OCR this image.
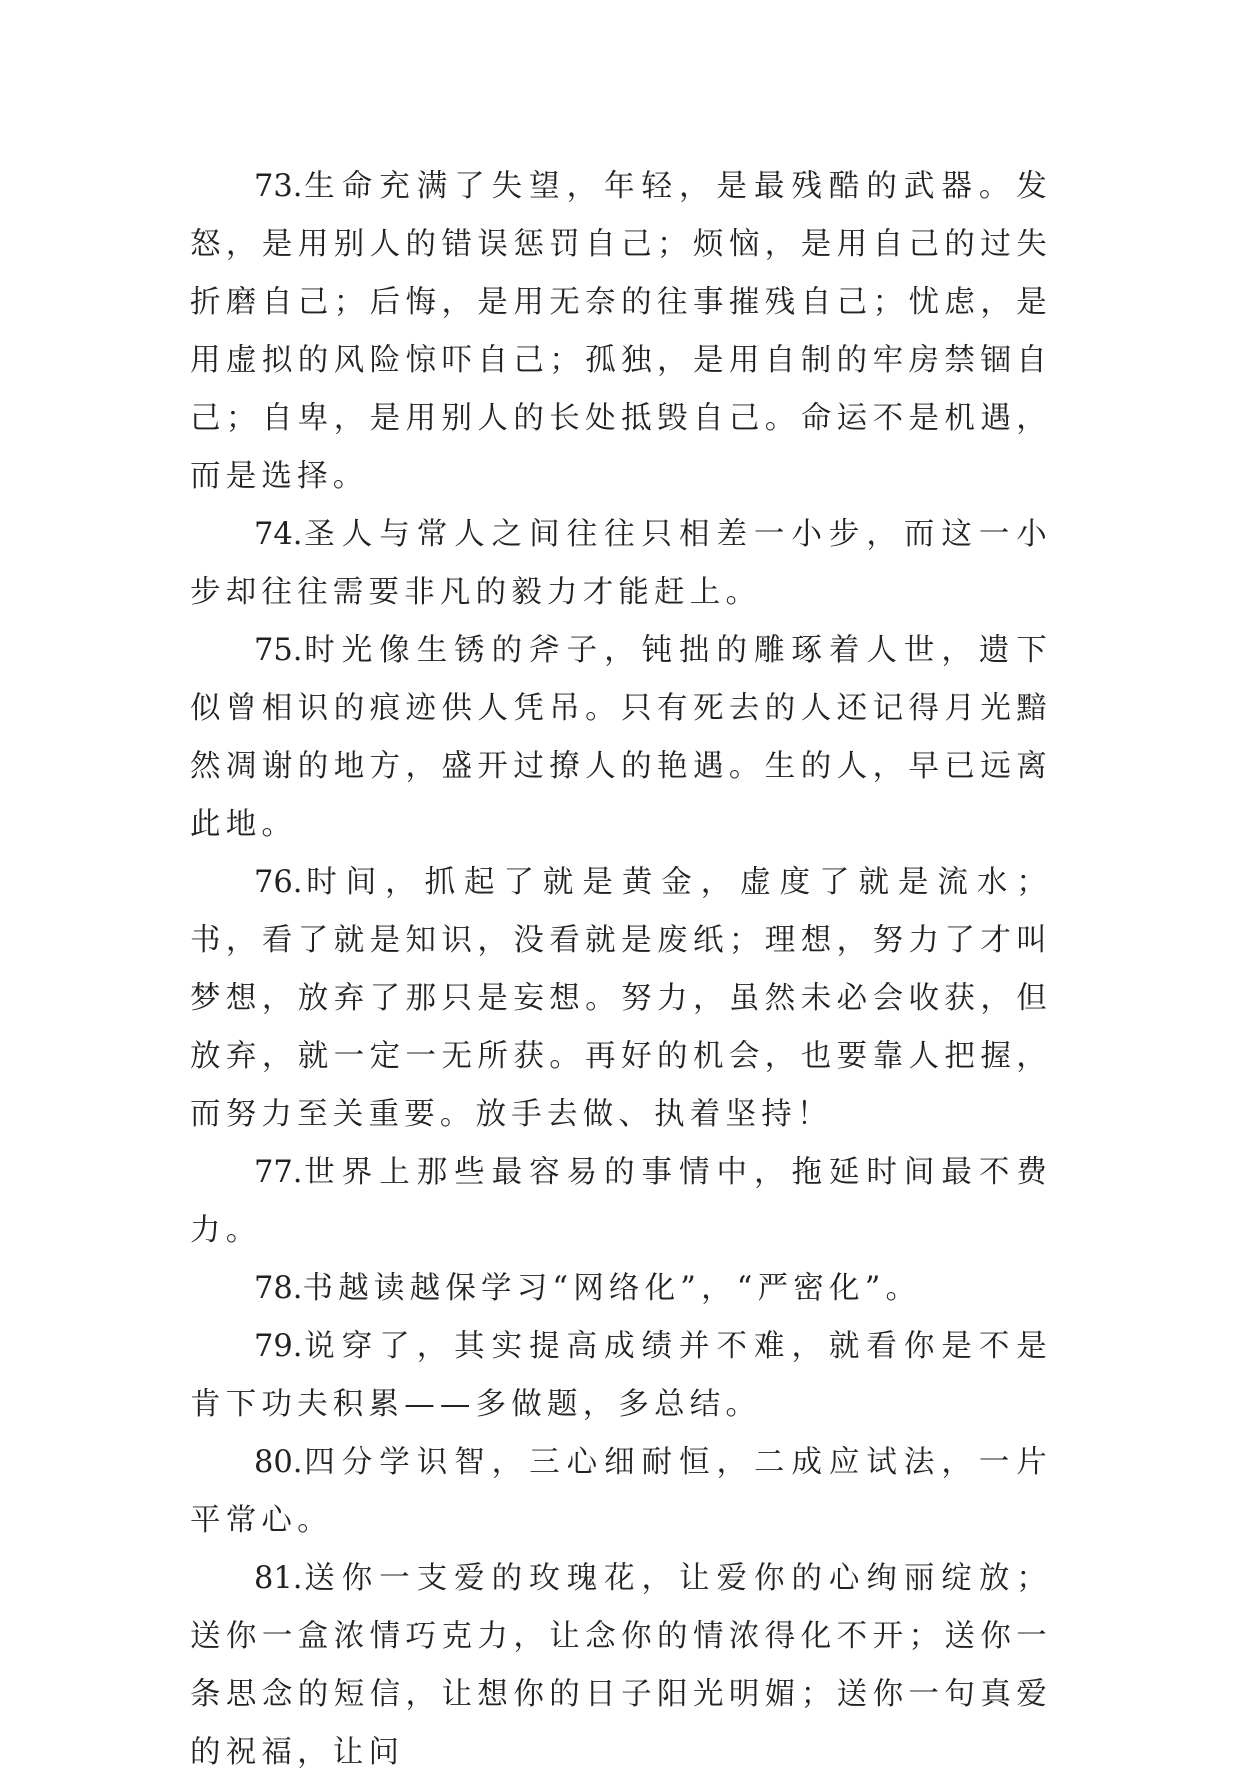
73.生命充满了失望，年轻，是最残酷的武器。发怒，是用别人的错误惩罚自己；烦恼，是用自己的过失折磨自己；后悔，是用无奈的往事摧残自己；忧虑，是用虚拟的风险惊吓自己；孤独，是用自制的牢房禁锢自己；自卑，是用别人的长处抵毁自己。命运不是机遇，而是选择。

74.圣人与常人之间往往只相差一小步，而这一小步却往往需要非凡的毅力才能赶上。

75.时光像生锈的斧子，钝拙的雕琢着人世，遗下似曾相识的痕迹供人凭吊。只有死去的人还记得月光黯然凋谢的地方，盛开过撩人的艳遇。生的人，早已远离此地。

76.时间，抓起了就是黄金，虚度了就是流水；书，看了就是知识，没看就是废纸；理想，努力了才叫梦想，放弃了那只是妄想。努力，虽然未必会收获，但放弃，就一定一无所获。再好的机会，也要靠人把握，而努力至关重要。放手去做、执着坚持！

77.世界上那些最容易的事情中，拖延时间最不费力。

78.书越读越保学习“网络化”，“严密化”。

79.说穿了，其实提高成绩并不难，就看你是不是肯下功夫积累——多做题，多总结。

80.四分学识智，三心细耐恒，二成应试法，一片平常心。

81.送你一支爱的玫瑰花，让爱你的心绚丽绽放；送你一盒浓情巧克力，让念你的情浓得化不开；送你一条思念的短信，让想你的日子阳光明媚；送你一句真爱的祝福，让问
